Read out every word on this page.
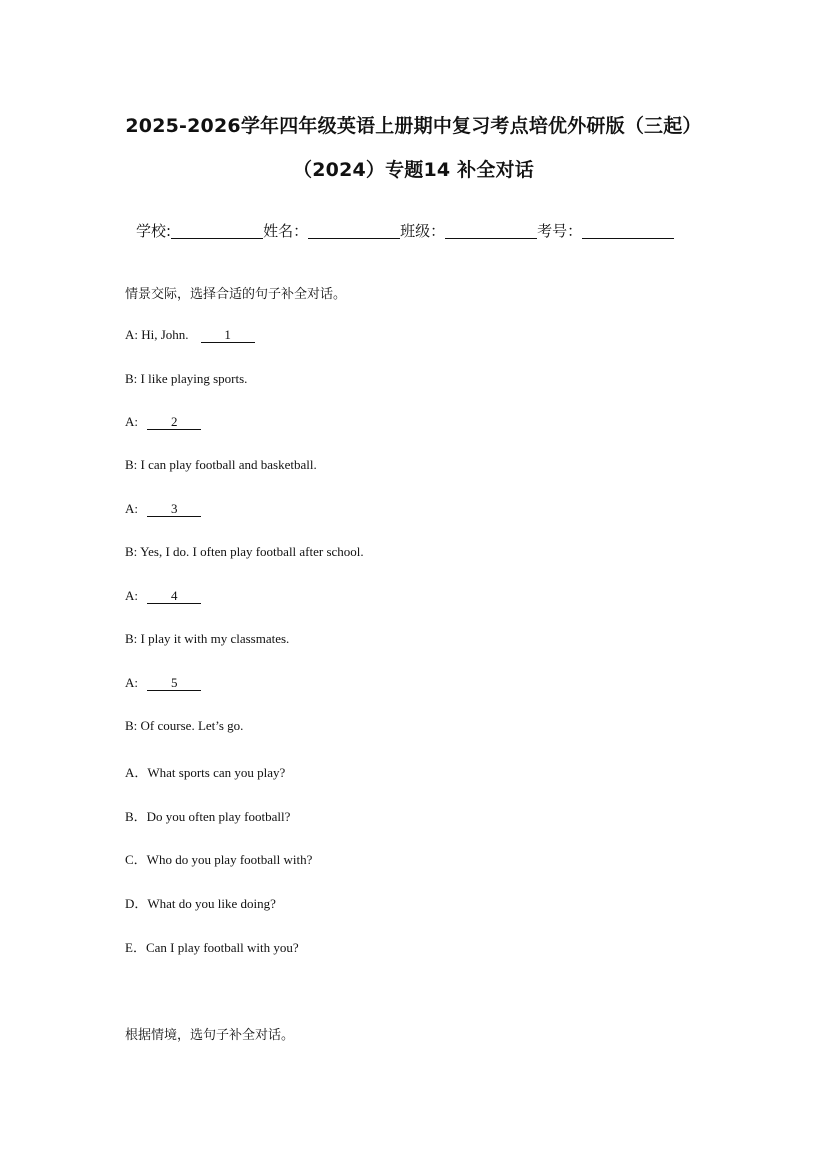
2025-2026学年四年级英语上册期中复习考点培优外研版（三起）
（2024）专题14 补全对话
学校:	姓名：	班级：	考号：
情景交际，选择合适的句子补全对话。
A: Hi, John.	1
B: I like playing sports.
A: 2
B: I can play football and basketball.
A: 3
B: Yes, I do. I often play football after school.
A: 4
B: I play it with my classmates.
A: 5
B: Of course. Let’s go.
A．What sports can you play?
B．Do you often play football?
C．Who do you play football with?
D．What do you like doing?
E．Can I play football with you?
根据情境，选句子补全对话。
